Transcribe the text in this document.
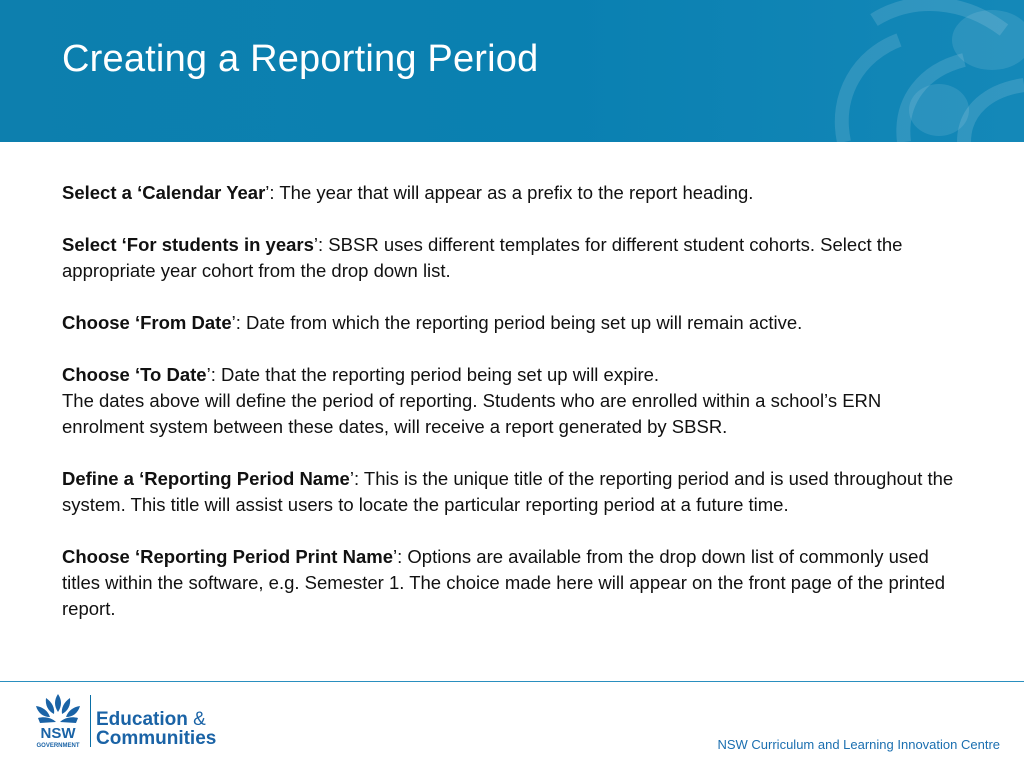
Creating a Reporting Period

Select a ‘Calendar Year’: The year that will appear as a prefix to the report heading.

Select ‘For students in years’: SBSR uses different templates for different student cohorts. Select the appropriate year cohort from the drop down list.

Choose ‘From Date’: Date from which the reporting period being set up will remain active.

Choose ‘To Date’: Date that the reporting period being set up will expire.
The dates above will define the period of reporting. Students who are enrolled within a school’s ERN enrolment system between these dates, will receive a report generated by SBSR.

Define a ‘Reporting Period Name’: This is the unique title of the reporting period and is used throughout the system. This title will assist users to locate the particular reporting period at a future time.

Choose ‘Reporting Period Print Name’: Options are available from the drop down list of commonly used titles within the software, e.g. Semester 1. The choice made here will appear on the front page of the printed report.

NSW
GOVERNMENT
Education &
Communities	NSW Curriculum and Learning Innovation Centre
